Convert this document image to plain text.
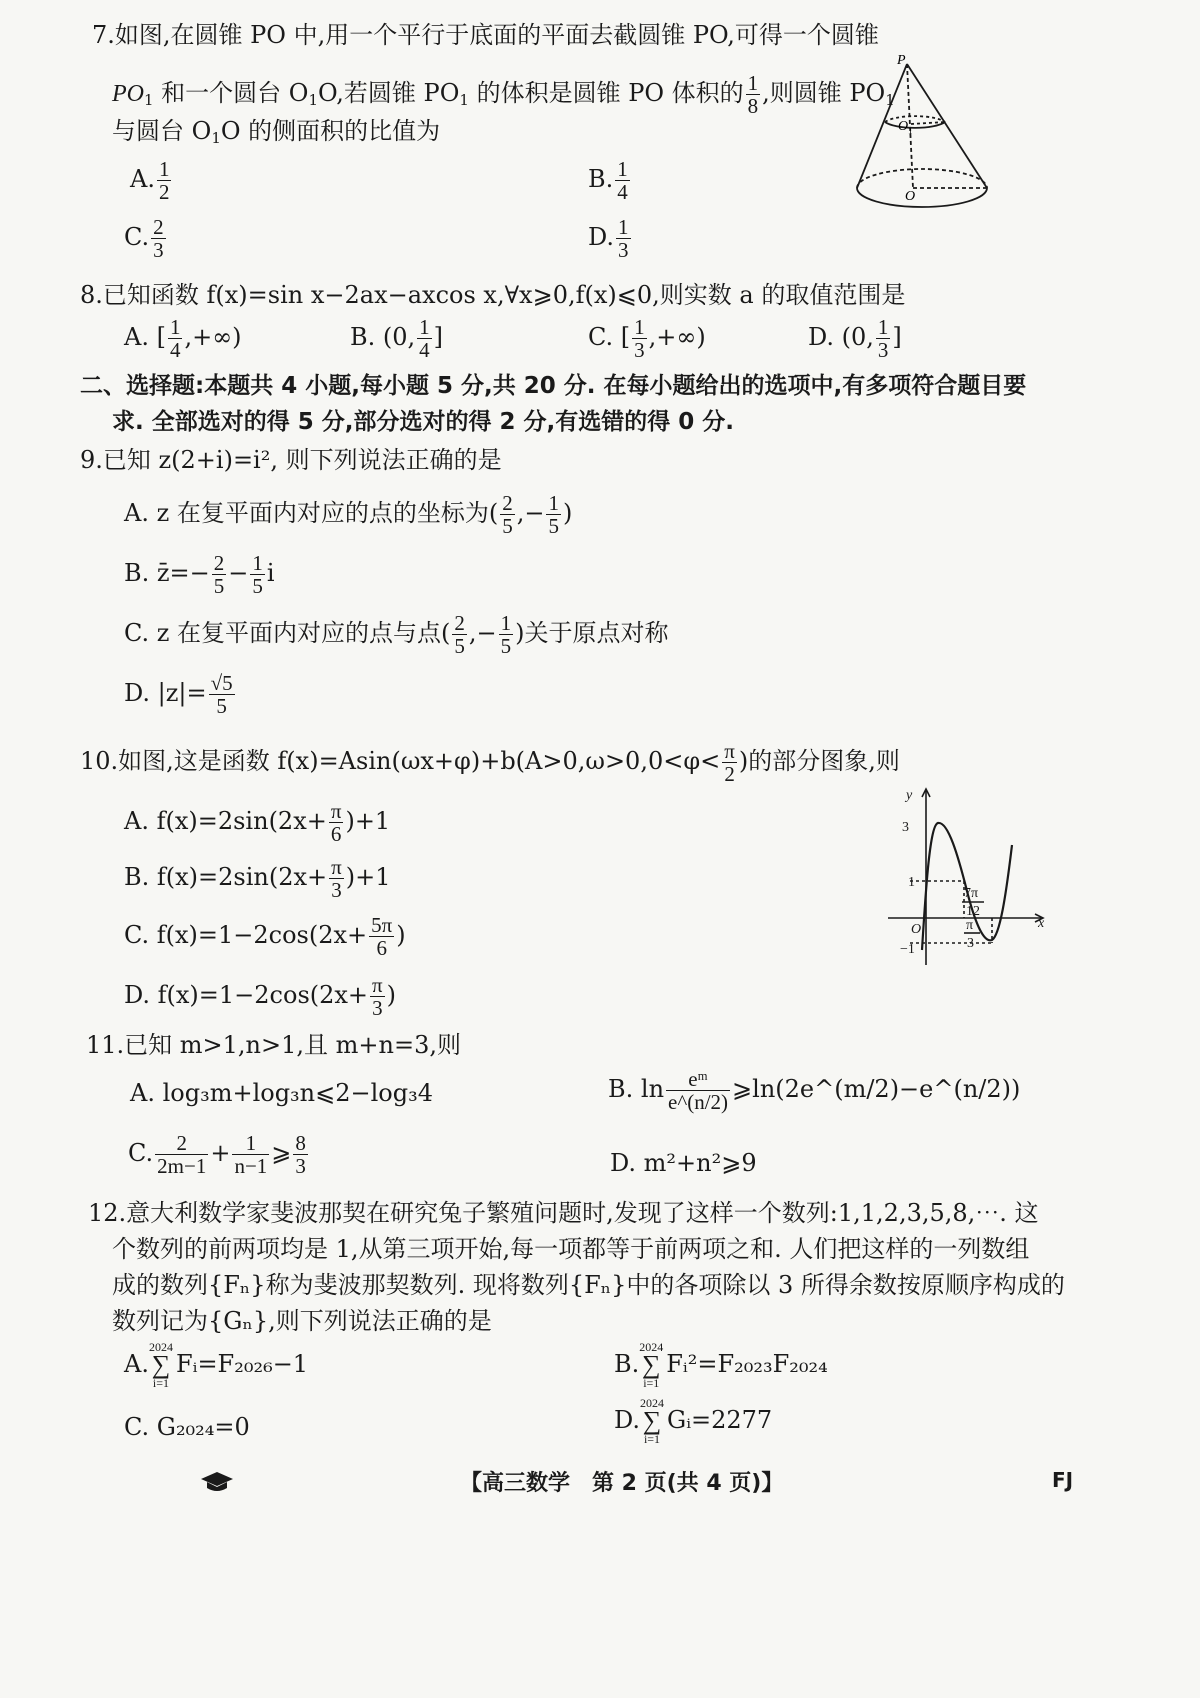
7.如图,在圆锥 PO 中,用一个平行于底面的平面去截圆锥 PO,可得一个圆锥
$PO_1$ 和一个圆台 $O_1O$,若圆锥 $PO_1$ 的体积是圆锥 PO 体积的 $\frac{1}{8}$ ,则圆锥 $PO_1$
与圆台 $O_1O$ 的侧面积的比值为
A. $\frac{1}{2}$	B. $\frac{1}{4}$
C. $\frac{2}{3}$	D. $\frac{1}{3}$
P
O 1
O
8.已知函数 f(x)=sin x−2ax−axcos x,∀x⩾0,f(x)⩽0,则实数 a 的取值范围是
A. [ $\frac{1}{4}$ ,+∞)	B. (0, $\frac{1}{4}$ ]	C. [ $\frac{1}{3}$ ,+∞)	D. (0, $\frac{1}{3}$ ]
二、选择题:本题共 4 小题,每小题 5 分,共 20 分. 在每小题给出的选项中,有多项符合题目要
求. 全部选对的得 5 分,部分选对的得 2 分,有选错的得 0 分.
9.已知 z(2+i)=i², 则下列说法正确的是
A. z 在复平面内对应的点的坐标为( $\frac{2}{5}$ ,− $\frac{1}{5}$ )
B. z̄=− $\frac{2}{5} - \frac{1}{5}$ i
C. z 在复平面内对应的点与点( $\frac{2}{5}$ ,− $\frac{1}{5}$ )关于原点对称
D. $|z|= \frac{√5}{5}$
10.如图,这是函数 $f(x)=Asin(\omega x+\varphi)+b(A>0,\omega>0,0<\varphi< \frac{\pi}{2}$ )的部分图象,则
A. $f(x)=2\sin(2x+ \frac{\pi}{6} )+1$
B. $f(x)=2\sin(2x+ \frac{\pi}{3} )+1$
C. $f(x)=1-2\cos(2x+ \frac{5\pi}{6}$ )
D. $f(x)=1-2\cos(2x+ \frac{\pi}{3}$ )
y
x
O
3
1
−1
7π
12
π
3
11.已知 m>1,n>1,且 m+n=3,则
A. log₃m+log₃n⩽2−log₃4	B. $\ln \frac{\text{eᵐ}}{e\^{}(n/2)}$ ⩾ln(2e^(m/2)−e^(n/2))
C. $\frac{2}{2m-1} + \frac{1}{n-1}$ ⩾ $\frac{8}{3}$	D. m²+n²⩾9
12.意大利数学家斐波那契在研究兔子繁殖问题时,发现了这样一个数列:1,1,2,3,5,8,⋯. 这
个数列的前两项均是 1,从第三项开始,每一项都等于前两项之和. 人们把这样的一列数组
成的数列{Fₙ}称为斐波那契数列. 现将数列{Fₙ}中的各项除以 3 所得余数按原顺序构成的
数列记为{Gₙ},则下列说法正确的是
A.
2024
∑
i=1
Fᵢ=F₂₀₂₆−1	B.
2024
∑
i=1
Fᵢ²=F₂₀₂₃F₂₀₂₄
C. G₂₀₂₄=0	D.
2024
∑
i=1
Gᵢ=2277
【高三数学　第 2 页(共 4 页)】	FJ
